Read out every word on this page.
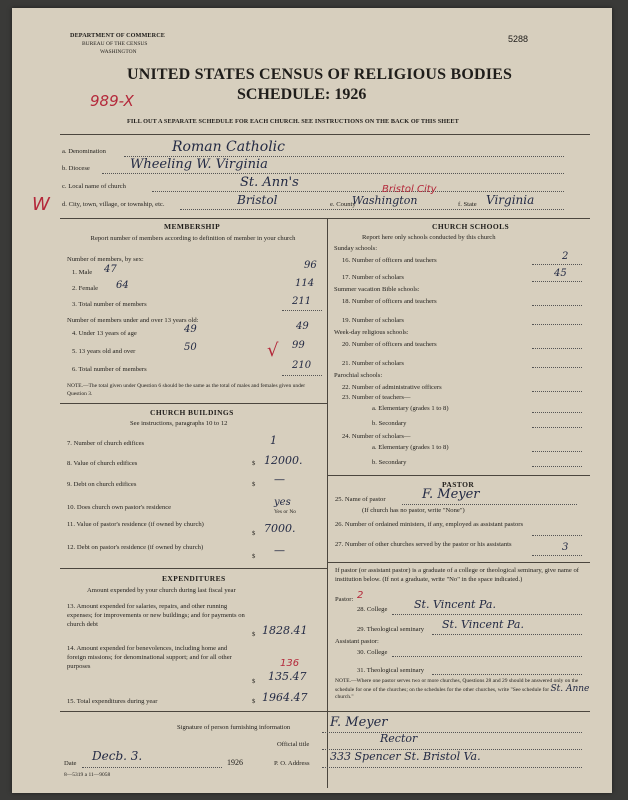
DEPARTMENT OF COMMERCE
BUREAU OF THE CENSUS
WASHINGTON
5288
UNITED STATES CENSUS OF RELIGIOUS BODIES
SCHEDULE: 1926
989-X
FILL OUT A SEPARATE SCHEDULE FOR EACH CHURCH. SEE INSTRUCTIONS ON THE BACK OF THIS SHEET
a. Denomination	Roman Catholic
b. Diocese	Wheeling W. Virginia
c. Local name of church	St. Ann's
W d. City, town, village, or township, etc.	Bristol
Bristol City
e. County
Washington	f. State Virginia
MEMBERSHIP
Report number of members according to definition of member in your church
Number of members, by sex:
1. Male 47	96
2. Female 64	114
3. Total number of members	211
Number of members under and over 13 years old:
4. Under 13 years of age	49	49
5. 13 years old and over	50	99
√
6. Total number of members	210
NOTE.—The total given under Question 6 should be the same as the total of males and females given under Question 3.
CHURCH BUILDINGS
See instructions, paragraphs 10 to 12
7. Number of church edifices	1
8. Value of church edifices	$ 12000.
9. Debt on church edifices	$ —
10. Does church own pastor's residence	yes
Yes or No
11. Value of pastor's residence (if owned by church)
$ 7000.
12. Debt on pastor's residence (if owned by church)
$ —
EXPENDITURES
Amount expended by your church during last fiscal year
13. Amount expended for salaries, repairs, and other running expenses; for improvements or new buildings; and for payments on church debt
$ 1828.41
14. Amount expended for benevolences, including home and foreign missions; for denominational support; and for all other purposes	136
$ 135.47
15. Total expenditures during year	$ 1964.47
CHURCH SCHOOLS
Report here only schools conducted by this church
Sunday schools:
16. Number of officers and teachers	2
17. Number of scholars	45
Summer vacation Bible schools:
18. Number of officers and teachers
19. Number of scholars
Week-day religious schools:
20. Number of officers and teachers
21. Number of scholars
Parochial schools:
22. Number of administrative officers
23. Number of teachers—
a. Elementary (grades 1 to 8)
b. Secondary
24. Number of scholars—
a. Elementary (grades 1 to 8)
b. Secondary
PASTOR
25. Name of pastor	F. Meyer
(If church has no pastor, write "None")
26. Number of ordained ministers, if any, employed as assistant pastors
27. Number of other churches served by the pastor or his assistants	3
If pastor (or assistant pastor) is a graduate of a college or theological seminary, give name of institution below. (If not a graduate, write "No" in the space indicated.)
Pastor: 2
28. College St. Vincent Pa.
29. Theological seminary St. Vincent Pa.
Assistant pastor:
30. College
31. Theological seminary
NOTE.—Where one pastor serves two or more churches, Questions 28 and 29 should be answered only on the schedule for one of the churches; on the schedules for the other churches, write "See schedule for St. Anne church."
Signature of person furnishing information	F. Meyer
Official title	Rector
Date
Decb. 3.	1926	P. O. Address
333 Spencer St. Bristol Va.
8—5319 a 11—9058
